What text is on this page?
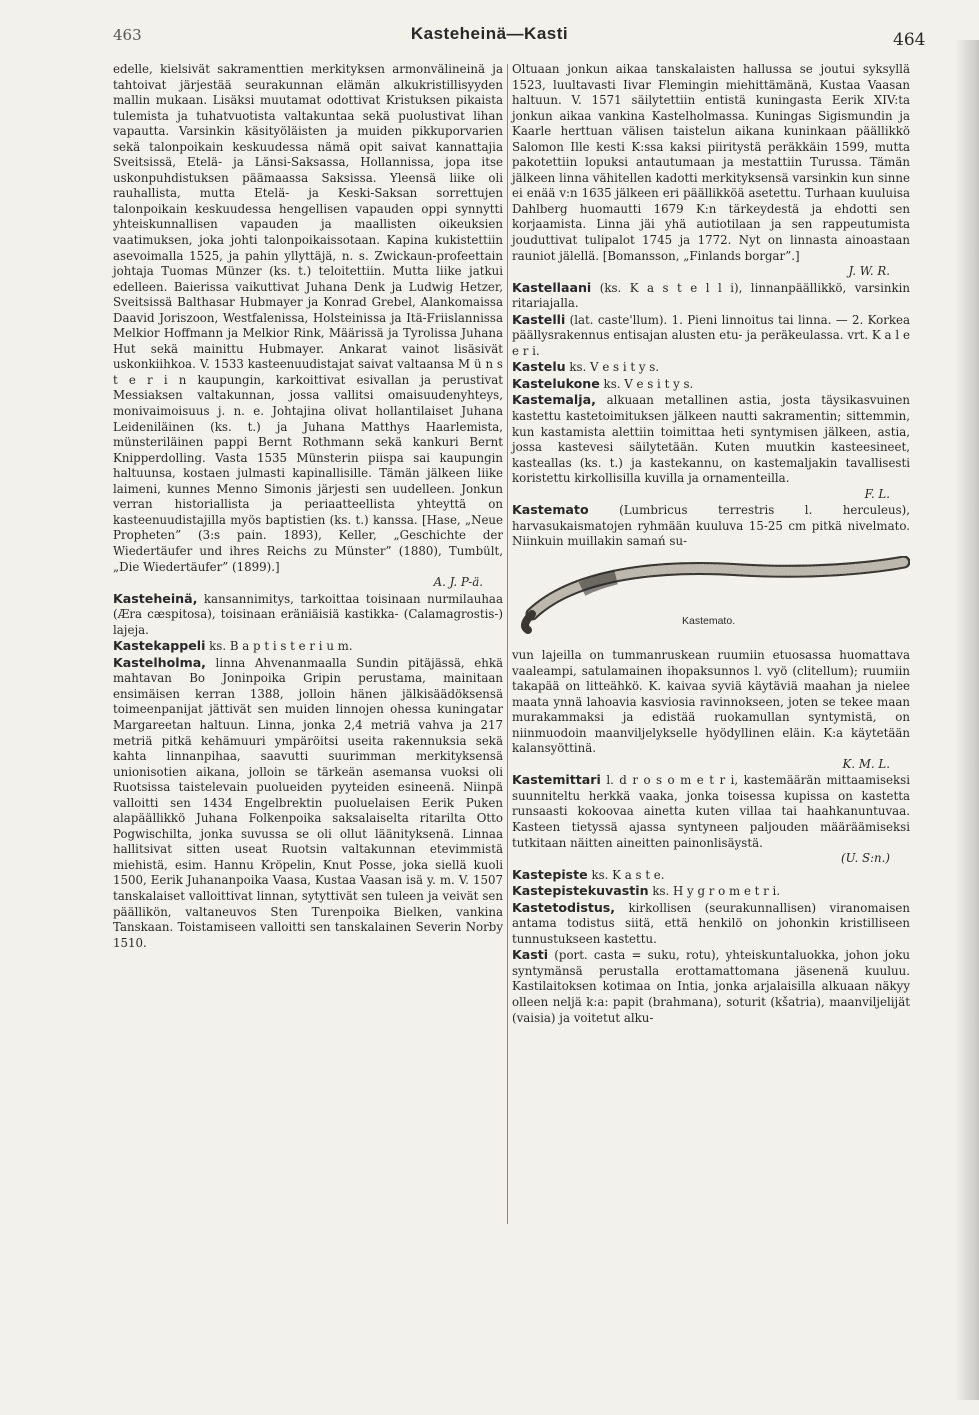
463	Kasteheinä—Kasti	464

edelle, kielsivät sakramenttien merkityksen armonvälineinä ja tahtoivat järjestää seurakunnan elämän alkukristillisyyden mallin mukaan. Lisäksi muutamat odottivat Kristuksen pikaista tulemista ja tuhatvuotista valtakuntaa sekä puolustivat lihan vapautta. Varsinkin käsityöläisten ja muiden pikkuporvarien sekä talonpoikain keskuudessa nämä opit saivat kannattajia Sveitsissä, Etelä- ja Länsi-Saksassa, Hollannissa, jopa itse uskonpuhdistuksen päämaassa Saksissa. Yleensä liike oli rauhallista, mutta Etelä- ja Keski-Saksan sorrettujen talonpoikain keskuudessa hengellisen vapauden oppi synnytti yhteiskunnallisen vapauden ja maallisten oikeuksien vaatimuksen, joka johti talonpoikaissotaan. Kapina kukistettiin asevoimalla 1525, ja pahin yllyttäjä, n. s. Zwickaun-profeettain johtaja Tuomas Münzer (ks. t.) teloitettiin. Mutta liike jatkui edelleen. Baierissa vaikuttivat Juhana Denk ja Ludwig Hetzer, Sveitsissä Balthasar Hubmayer ja Konrad Grebel, Alankomaissa Daavid Joriszoon, Westfalenissa, Holsteinissa ja Itä-Friislannissa Melkior Hoffmann ja Melkior Rink, Määrissä ja Tyrolissa Juhana Hut sekä mainittu Hubmayer. Ankarat vainot lisäsivät uskonkiihkoa. V. 1533 kasteenuudistajat saivat valtaansa M ü n s t e r i n kaupungin, karkoittivat esivallan ja perustivat Messiaksen valtakunnan, jossa vallitsi omaisuudenyhteys, monivaimoisuus j. n. e. Johtajina olivat hollantilaiset Juhana Leideniläinen (ks. t.) ja Juhana Matthys Haarlemista, münsteriläinen pappi Bernt Rothmann sekä kankuri Bernt Knipperdolling. Vasta 1535 Münsterin piispa sai kaupungin haltuunsa, kostaen julmasti kapinallisille. Tämän jälkeen liike laimeni, kunnes Menno Simonis järjesti sen uudelleen. Jonkun verran historiallista ja periaatteellista yhteyttä on kasteenuudistajilla myös baptistien (ks. t.) kanssa. [Hase, „Neue Propheten” (3:s pain. 1893), Keller, „Geschichte der Wiedertäufer und ihres Reichs zu Münster” (1880), Tumbült, „Die Wiedertäufer” (1899).]

A. J. P-ä.

Kasteheinä, kansannimitys, tarkoittaa toisinaan nurmilauhaa (Æra cæspitosa), toisinaan eräniäisiä kastikka- (Calamagrostis-) lajeja.

Kastekappeli ks. B a p t i s t e r i u m.

Kastelholma, linna Ahvenanmaalla Sundin pitäjässä, ehkä mahtavan Bo Joninpoika Gripin perustama, mainitaan ensimäisen kerran 1388, jolloin hänen jälkisäädöksensä toimeenpanijat jättivät sen muiden linnojen ohessa kuningatar Margareetan haltuun. Linna, jonka 2,4 metriä vahva ja 217 metriä pitkä kehämuuri ympäröitsi useita rakennuksia sekä kahta linnanpihaa, saavutti suurimman merkityksensä unionisotien aikana, jolloin se tärkeän asemansa vuoksi oli Ruotsissa taistelevain puolueiden pyyteiden esineenä. Niinpä valloitti sen 1434 Engelbrektin puoluelaisen Eerik Puken alapäällikkö Juhana Folkenpoika saksalaiselta ritarilta Otto Pogwischilta, jonka suvussa se oli ollut läänityksenä. Linnaa hallitsivat sitten useat Ruotsin valtakunnan etevimmistä miehistä, esim. Hannu Kröpelin, Knut Posse, joka siellä kuoli 1500, Eerik Juhananpoika Vaasa, Kustaa Vaasan isä y. m. V. 1507 tanskalaiset valloittivat linnan, sytyttivät sen tuleen ja veivät sen päällikön, valtaneuvos Sten Turenpoika Bielken, vankina Tanskaan. Toistamiseen valloitti sen tanskalainen Severin Norby 1510.

Oltuaan jonkun aikaa tanskalaisten hallussa se joutui syksyllä 1523, luultavasti Iivar Flemingin miehittämänä, Kustaa Vaasan haltuun. V. 1571 säilytettiin entistä kuningasta Eerik XIV:ta jonkun aikaa vankina Kastelholmassa. Kuningas Sigismundin ja Kaarle herttuan välisen taistelun aikana kuninkaan päällikkö Salomon Ille kesti K:ssa kaksi piiritystä peräkkäin 1599, mutta pakotettiin lopuksi antautumaan ja mestattiin Turussa. Tämän jälkeen linna vähitellen kadotti merkityksensä varsinkin kun sinne ei enää v:n 1635 jälkeen eri päällikköä asetettu. Turhaan kuuluisa Dahlberg huomautti 1679 K:n tärkeydestä ja ehdotti sen korjaamista. Linna jäi yhä autiotilaan ja sen rappeutumista jouduttivat tulipalot 1745 ja 1772. Nyt on linnasta ainoastaan rauniot jälellä. [Bomansson, „Finlands borgar”.]

J. W. R.

Kastellaani (ks. K a s t e l l i), linnanpäällikkö, varsinkin ritariajalla.

Kastelli (lat. caste'llum). 1. Pieni linnoitus tai linna. — 2. Korkea päällysrakennus entisajan alusten etu- ja peräkeulassa. vrt. K a l e e r i.

Kastelu ks. V e s i t y s.

Kastelukone ks. V e s i t y s.

Kastemalja, alkuaan metallinen astia, josta täysikasvuinen kastettu kastetoimituksen jälkeen nautti sakramentin; sittemmin, kun kastamista alettiin toimittaa heti syntymisen jälkeen, astia, jossa kastevesi säilytetään. Kuten muutkin kasteesineet, kasteallas (ks. t.) ja kastekannu, on kastemaljakin tavallisesti koristettu kirkollisilla kuvilla ja ornamenteilla.

F. L.

Kastemato	(Lumbricus terrestris l. herculeus), harvasukaismatojen ryhmään kuuluva 15-25 cm pitkä nivelmato. Niinkuin muillakin samań su-

Kastemato.

vun lajeilla on tummanruskean ruumiin etuosassa huomattava vaaleampi, satulamainen ihopaksunnos l. vyö (clitellum); ruumiin takapää on litteähkö. K. kaivaa syviä käytäviä maahan ja nielee maata ynnä lahoavia kasviosia ravinnokseen, joten se tekee maan murakammaksi ja edistää ruokamullan syntymistä, on niinmuodoin maanviljelykselle hyödyllinen eläin. K:a käytetään kalansyöttinä.

K. M. L.

Kastemittari l. d r o s o m e t r i, kastemäärän mittaamiseksi suunniteltu herkkä vaaka, jonka toisessa kupissa on kastetta runsaasti kokoovaa ainetta kuten villaa tai haahkanuntuvaa. Kasteen tietyssä ajassa syntyneen paljouden määräämiseksi tutkitaan näitten aineitten painonlisäystä.

(U. S:n.)

Kastepiste ks. K a s t e.

Kastepistekuvastin ks. H y g r o m e t r i.

Kastetodistus, kirkollisen (seurakunnallisen) viranomaisen antama todistus siitä, että henkilö on johonkin kristilliseen tunnustukseen kastettu.

Kasti (port. casta = suku, rotu), yhteiskuntaluokka, johon joku syntymänsä perustalla erottamattomana jäsenenä kuuluu. Kastilaitoksen kotimaa on Intia, jonka arjalaisilla alkuaan näkyy olleen neljä k:a: papit (brahmana), soturit (kšatria), maanviljelijät (vaisia) ja voitetut alku-
